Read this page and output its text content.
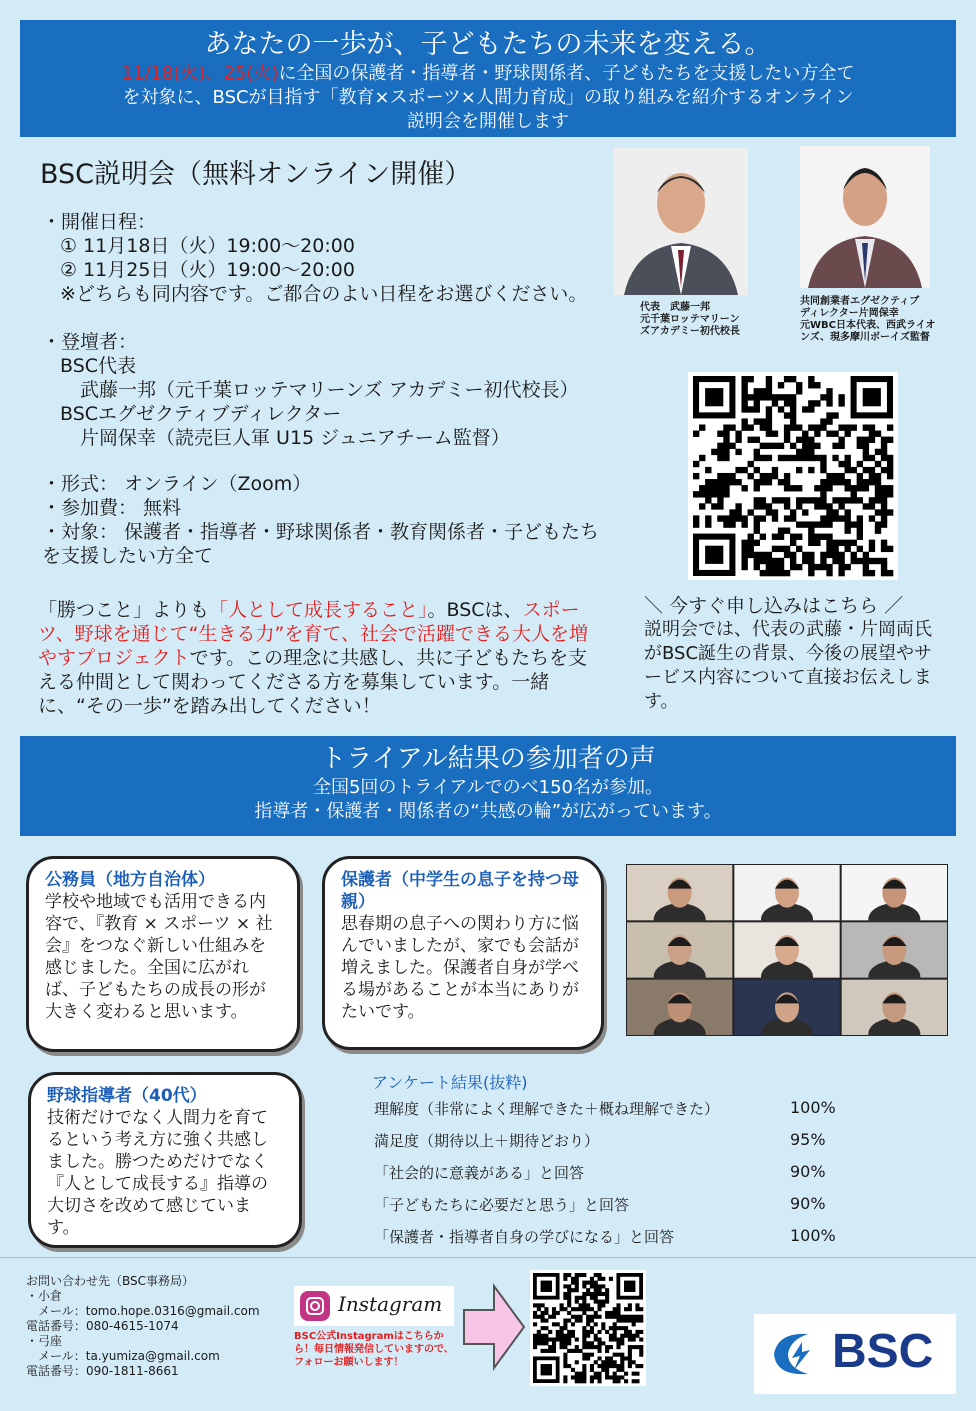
あなたの一歩が、子どもたちの未来を変える。
11/18(火)、25(火)に全国の保護者・指導者・野球関係者、子どもたちを支援したい方全て
を対象に、BSCが目指す「教育×スポーツ×人間力育成」の取り組みを紹介するオンライン
説明会を開催します
BSC説明会（無料オンライン開催）
・開催日程：
① 11月18日（火）19:00〜20:00
② 11月25日（火）19:00〜20:00
※どちらも同内容です。ご都合のよい日程をお選びください。
・登壇者：
BSC代表
武藤一邦（元千葉ロッテマリーンズ アカデミー初代校長）
BSCエグゼクティブディレクター
片岡保幸（読売巨人軍 U15 ジュニアチーム監督）
・形式： オンライン（Zoom）
・参加費： 無料
・対象： 保護者・指導者・野球関係者・教育関係者・子どもたち
を支援したい方全て
代表　武藤一邦
元千葉ロッテマリーン
ズアカデミー初代校長
共同創業者エグゼクティブ
ディレクター片岡保幸
元WBC日本代表、西武ライオ
ンズ、現多摩川ボーイズ監督
「勝つこと」よりも「人として成長すること」。BSCは、スポーツ、野球を通じて“生きる力”を育て、社会で活躍できる大人を増やすプロジェクトです。この理念に共感し、共に子どもたちを支える仲間として関わってくださる方を募集しています。一緒に、“その一歩”を踏み出してください！
＼ 今すぐ申し込みはこちら ／
説明会では、代表の武藤・片岡両氏がBSC誕生の背景、今後の展望やサービス内容について直接お伝えします。
トライアル結果の参加者の声
全国5回のトライアルでのべ150名が参加。
指導者・保護者・関係者の“共感の輪”が広がっています。
公務員（地方自治体）
学校や地域でも活用できる内容で、『教育 × スポーツ × 社会』をつなぐ新しい仕組みを感じました。全国に広がれば、子どもたちの成長の形が大きく変わると思います。
保護者（中学生の息子を持つ母親）
思春期の息子への関わり方に悩んでいましたが、家でも会話が増えました。保護者自身が学べる場があることが本当にありがたいです。
野球指導者（40代）
技術だけでなく人間力を育てるという考え方に強く共感しました。勝つためだけでなく『人として成長する』指導の大切さを改めて感じています。
アンケート結果(抜粋)
理解度（非常によく理解できた＋概ね理解できた）	100%
満足度（期待以上＋期待どおり）	95%
「社会的に意義がある」と回答	90%
「子どもたちに必要だと思う」と回答	90%
「保護者・指導者自身の学びになる」と回答	100%
お問い合わせ先（BSC事務局）
・小倉
メール：tomo.hope.0316@gmail.com
電話番号：080-4615-1074
・弓座
メール：ta.yumiza@gmail.com
電話番号：090-1811-8661
Instagram
BSC公式Instagramはこちらから！毎日情報発信していますので、フォローお願いします！	BSC
